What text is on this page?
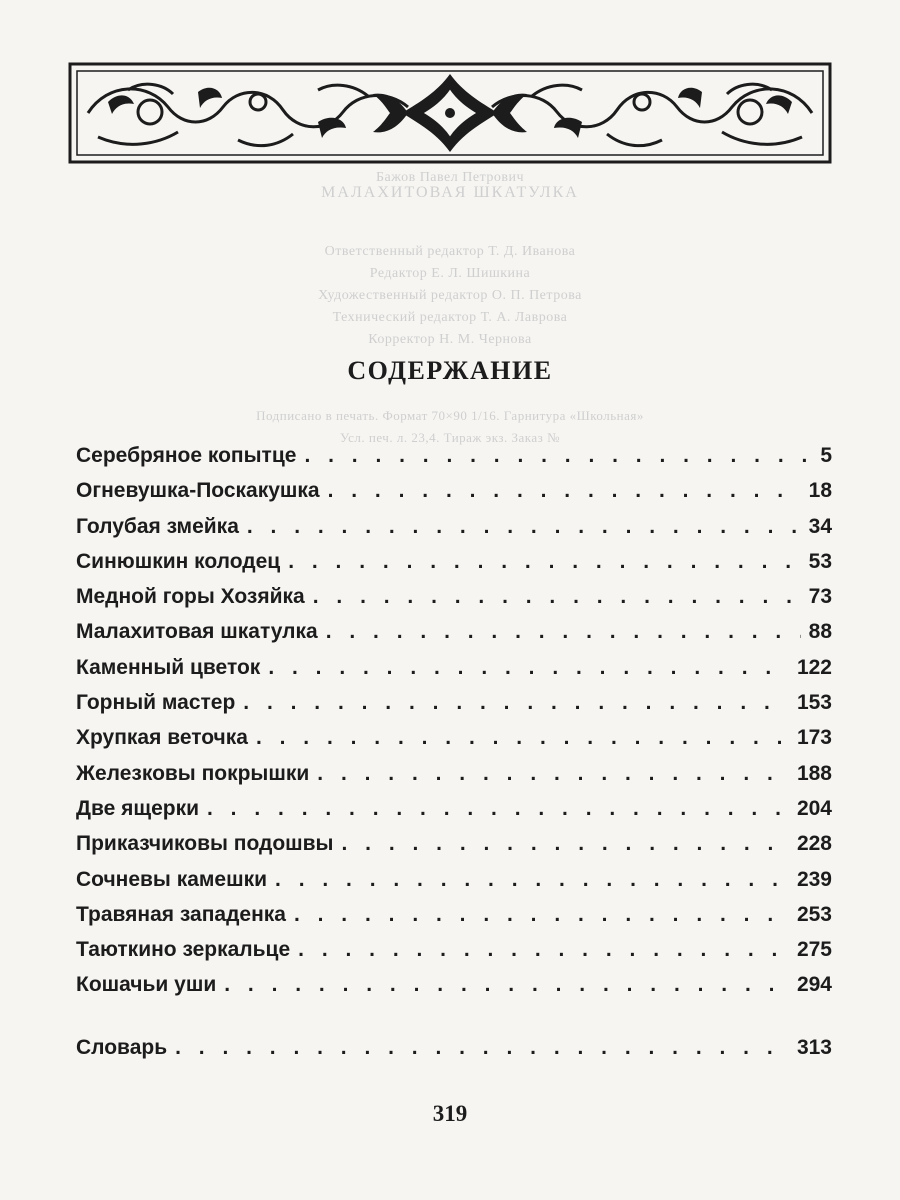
Бажов Павел Петрович
МАЛАХИТОВАЯ ШКАТУЛКА
Ответственный редактор Т. Д. Иванова
Редактор Е. Л. Шишкина
Художественный редактор О. П. Петрова
Технический редактор Т. А. Лаврова
Корректор Н. М. Чернова
Подписано в печать. Формат 70×90 1/16. Гарнитура «Школьная»
Усл. печ. л. 23,4. Тираж экз. Заказ №
СОДЕРЖАНИЕ
Серебряное копытце . . .	5
Огневушка-Поскакушка . . .	18
Голубая змейка . . .	34
Синюшкин колодец . . .	53
Медной горы Хозяйка . . .	73
Малахитовая шкатулка . . .	88
Каменный цветок . . .	122
Горный мастер . . .	153
Хрупкая веточка . . .	173
Железковы покрышки . . .	188
Две ящерки . . .	204
Приказчиковы подошвы . . .	228
Сочневы камешки . . .	239
Травяная западенка . . .	253
Таюткино зеркальце . . .	275
Кошачьи уши . . .	294
Словарь . . .	313
319
